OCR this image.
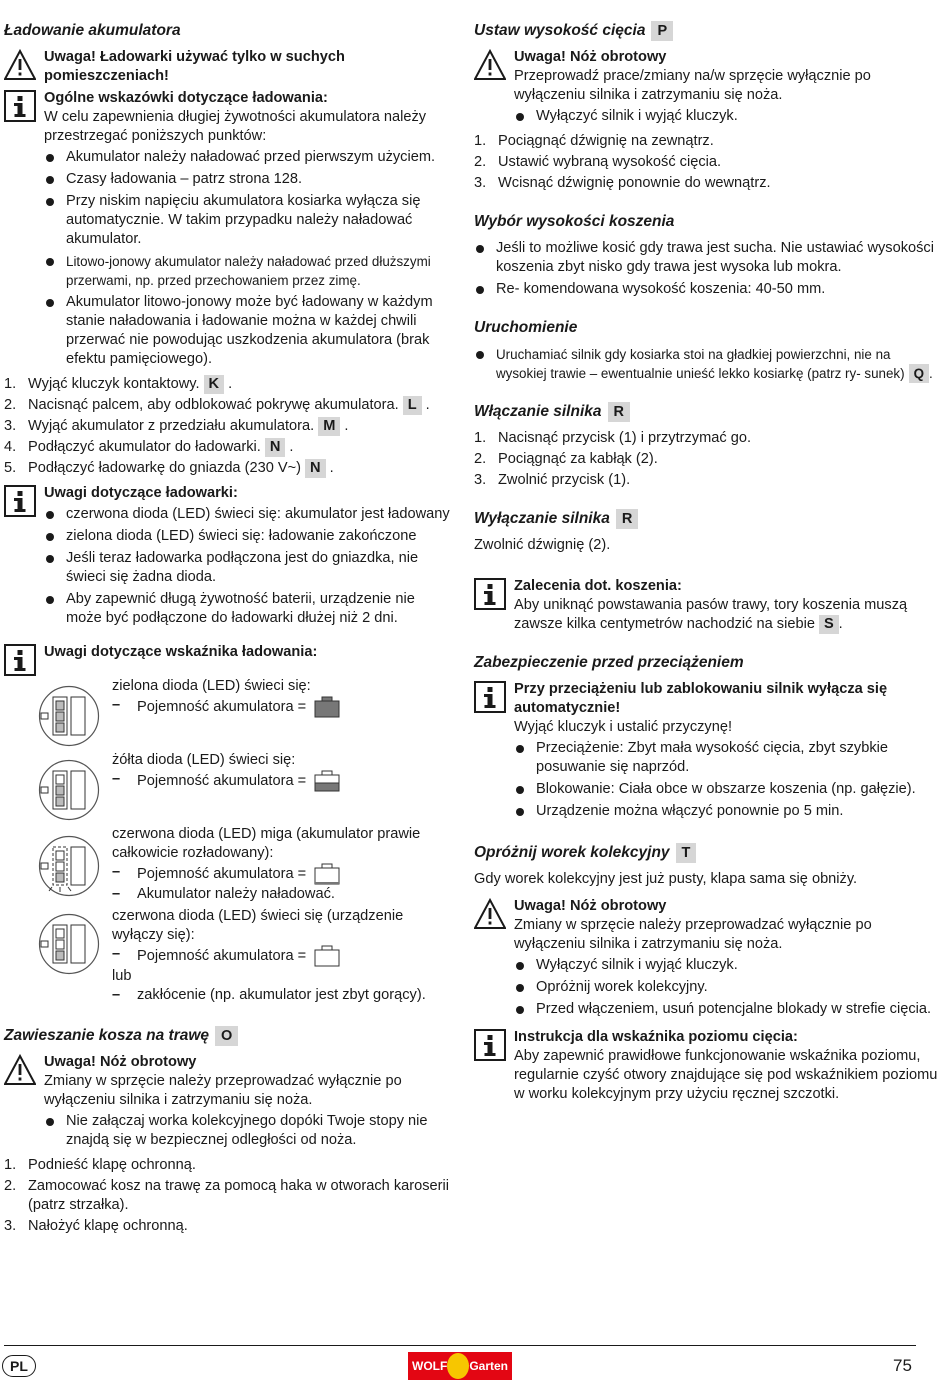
Ładowanie akumulatora
Uwaga! Ładowarki używać tylko w suchych pomieszczeniach!
Ogólne wskazówki dotyczące ładowania:
W celu zapewnienia długiej żywotności akumulatora należy przestrzegać poniższych punktów:
Akumulator należy naładować przed pierwszym użyciem.
Czasy ładowania – patrz strona 128.
Przy niskim napięciu akumulatora kosiarka wyłącza się automatycznie. W takim przypadku należy naładować akumulator.
Litowo-jonowy akumulator należy naładować przed dłuższymi przerwami, np. przed przechowaniem przez zimę.
Akumulator litowo-jonowy może być ładowany w każdym stanie naładowania i ładowanie można w każdej chwili przerwać nie powodując uszkodzenia akumulatora (brak efektu pamięciowego).
1. Wyjąć kluczyk kontaktowy. K .
2. Nacisnąć palcem, aby odblokować pokrywę akumulatora. L .
3. Wyjąć akumulator z przedziału akumulatora. M .
4. Podłączyć akumulator do ładowarki. N .
5. Podłączyć ładowarkę do gniazda (230 V~) N .
Uwagi dotyczące ładowarki:
czerwona dioda (LED) świeci się: akumulator jest ładowany
zielona dioda (LED) świeci się: ładowanie zakończone
Jeśli teraz ładowarka podłączona jest do gniazdka, nie świeci się żadna dioda.
Aby zapewnić długą żywotność baterii, urządzenie nie może być podłączone do ładowarki dłużej niż 2 dni.
Uwagi dotyczące wskaźnika ładowania:
zielona dioda (LED) świeci się:
–	Pojemność akumulatora =
żółta dioda (LED) świeci się:
–	Pojemność akumulatora =
czerwona dioda (LED) miga (akumulator prawie całkowicie rozładowany):
–	Pojemność akumulatora =
–	Akumulator należy naładować.
czerwona dioda (LED) świeci się (urządzenie wyłączy się):
–	Pojemność akumulatora =
lub
–	zakłócenie (np. akumulator jest zbyt gorący).
Zawieszanie kosza na trawę O
Uwaga! Nóż obrotowy
Zmiany w sprzęcie należy przeprowadzać wyłącznie po wyłączeniu silnika i zatrzymaniu się noża.
Nie załączaj worka kolekcyjnego dopóki Twoje stopy nie znajdą się w bezpiecznej odległości od noża.
1. Podnieść klapę ochronną.
2. Zamocować kosz na trawę za pomocą haka w otworach karoserii (patrz strzałka).
3. Nałożyć klapę ochronną.
Ustaw wysokość cięcia P
Uwaga! Nóż obrotowy
Przeprowadź prace/zmiany na/w sprzęcie wyłącznie po wyłączeniu silnika i zatrzymaniu się noża.
Wyłączyć silnik i wyjąć kluczyk.
1. Pociągnąć dźwignię na zewnątrz.
2. Ustawić wybraną wysokość cięcia.
3. Wcisnąć dźwignię ponownie do wewnątrz.
Wybór wysokości koszenia
Jeśli to możliwe kosić gdy trawa jest sucha. Nie ustawiać wysokości koszenia zbyt nisko gdy trawa jest wysoka lub mokra.
Re- komendowana wysokość koszenia: 40-50 mm.
Uruchomienie
Uruchamiać silnik gdy kosiarka stoi na gładkiej powierzchni, nie na wysokiej trawie – ewentualnie unieść lekko kosiarkę (patrz ry- sunek) Q .
Włączanie silnika R
1. Nacisnąć przycisk (1) i przytrzymać go.
2. Pociągnąć za kabłąk (2).
3. Zwolnić przycisk (1).
Wyłączanie silnika R
Zwolnić dźwignię (2).
Zalecenia dot. koszenia:
Aby uniknąć powstawania pasów trawy, tory koszenia muszą zawsze kilka centymetrów nachodzić na siebie S .
Zabezpieczenie przed przeciążeniem
Przy przeciążeniu lub zablokowaniu silnik wyłącza się automatycznie!
Wyjąć kluczyk i ustalić przyczynę!
Przeciążenie: Zbyt mała wysokość cięcia, zbyt szybkie posuwanie się naprzód.
Blokowanie: Ciała obce w obszarze koszenia (np. gałęzie).
Urządzenie można włączyć ponownie po 5 min.
Opróżnij worek kolekcyjny T
Gdy worek kolekcyjny jest już pusty, klapa sama się obniży.
Uwaga! Nóż obrotowy
Zmiany w sprzęcie należy przeprowadzać wyłącznie po wyłączeniu silnika i zatrzymaniu się noża.
Wyłączyć silnik i wyjąć kluczyk.
Opróżnij worek kolekcyjny.
Przed włączeniem, usuń potencjalne blokady w strefie cięcia.
Instrukcja dla wskaźnika poziomu cięcia:
Aby zapewnić prawidłowe funkcjonowanie wskaźnika poziomu, regularnie czyść otwory znajdujące się pod wskaźnikiem poziomu w worku kolekcyjnym przy użyciu ręcznej szczotki.
PL	WOLF Garten	75
